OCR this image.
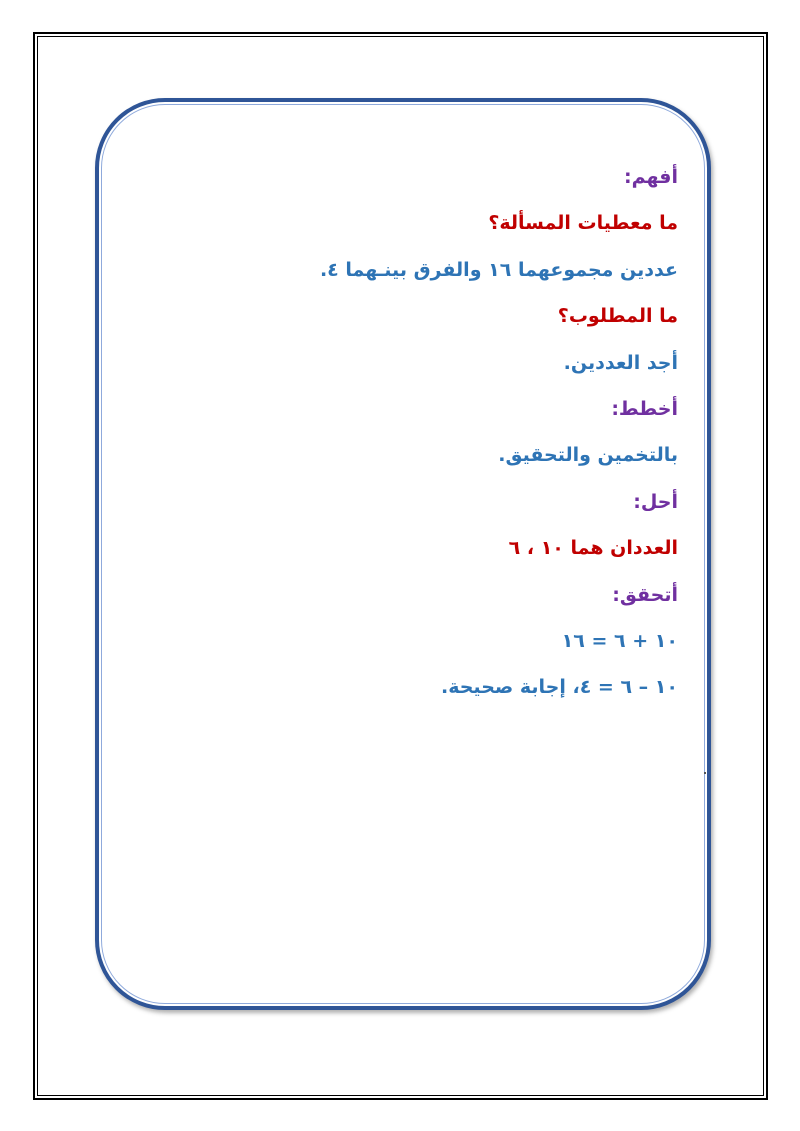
أفهم:
ما معطيات المسألة؟
عددين مجموعهما ١٦ والفرق بينـهما ٤.
ما المطلوب؟
أجد العددين.
أخطط:
بالتخمين والتحقيق.
أحل:
العددان هما ١٠ ، ٦
أتحقق:
١٠ + ٦ = ١٦
١٠ – ٦ = ٤، إجابة صحيحة.
